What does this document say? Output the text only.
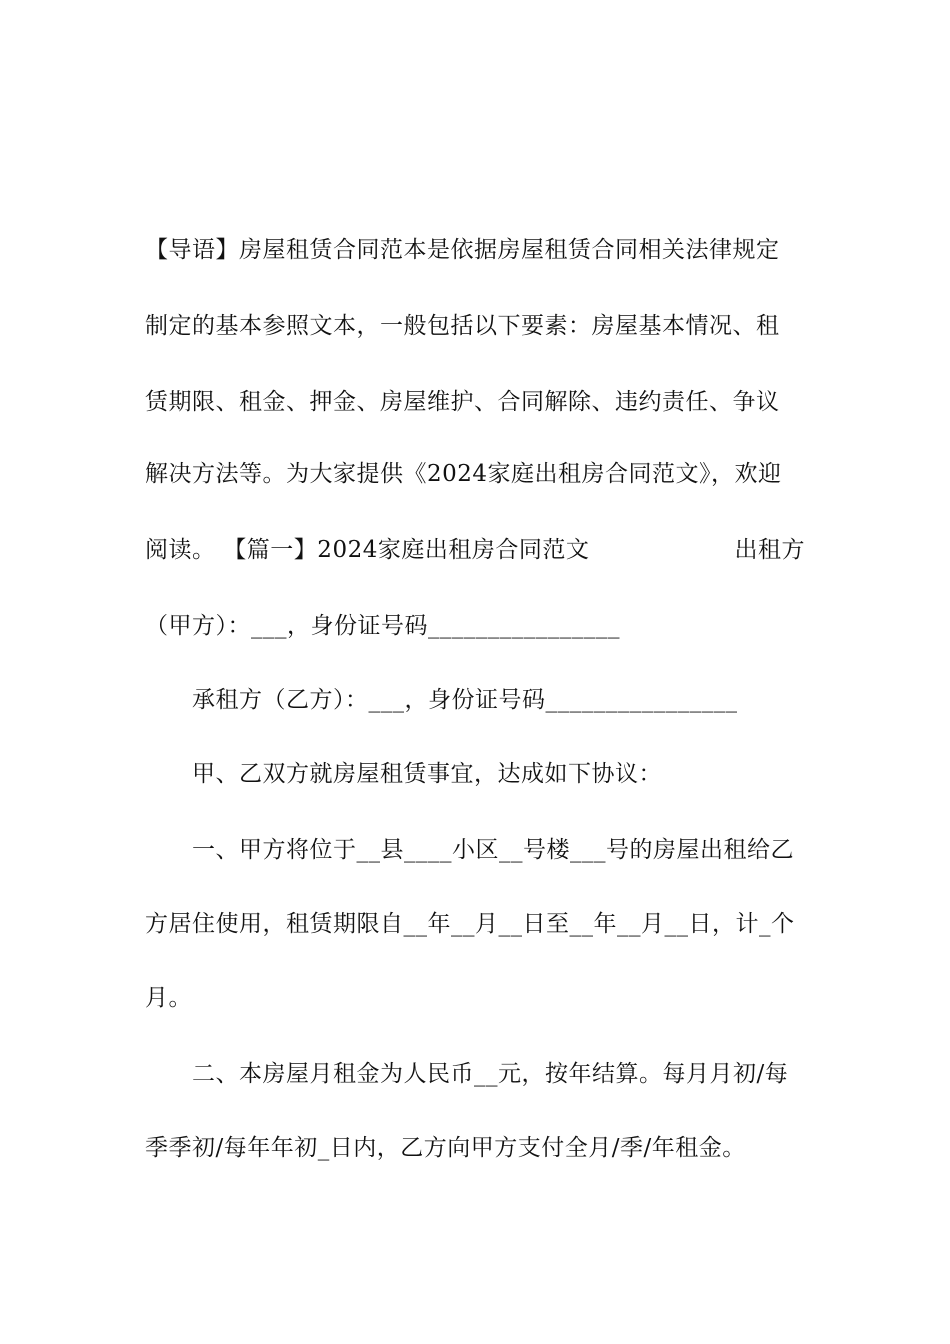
【导语】房屋租赁合同范本是依据房屋租赁合同相关法律规定
制定的基本参照文本，一般包括以下要素：房屋基本情况、租
赁期限、租金、押金、房屋维护、合同解除、违约责任、争议
解决方法等。为大家提供《2024家庭出租房合同范文》，欢迎
阅读。 【篇一】2024家庭出租房合同范文	出租方
（甲方）：___，身份证号码________________
承租方（乙方）：___，身份证号码________________
甲、乙双方就房屋租赁事宜，达成如下协议：
一、甲方将位于__县____小区__号楼___号的房屋出租给乙
方居住使用，租赁期限自__年__月__日至__年__月__日，计_个
月。
二、本房屋月租金为人民币__元，按年结算。每月月初/每
季季初/每年年初_日内，乙方向甲方支付全月/季/年租金。
